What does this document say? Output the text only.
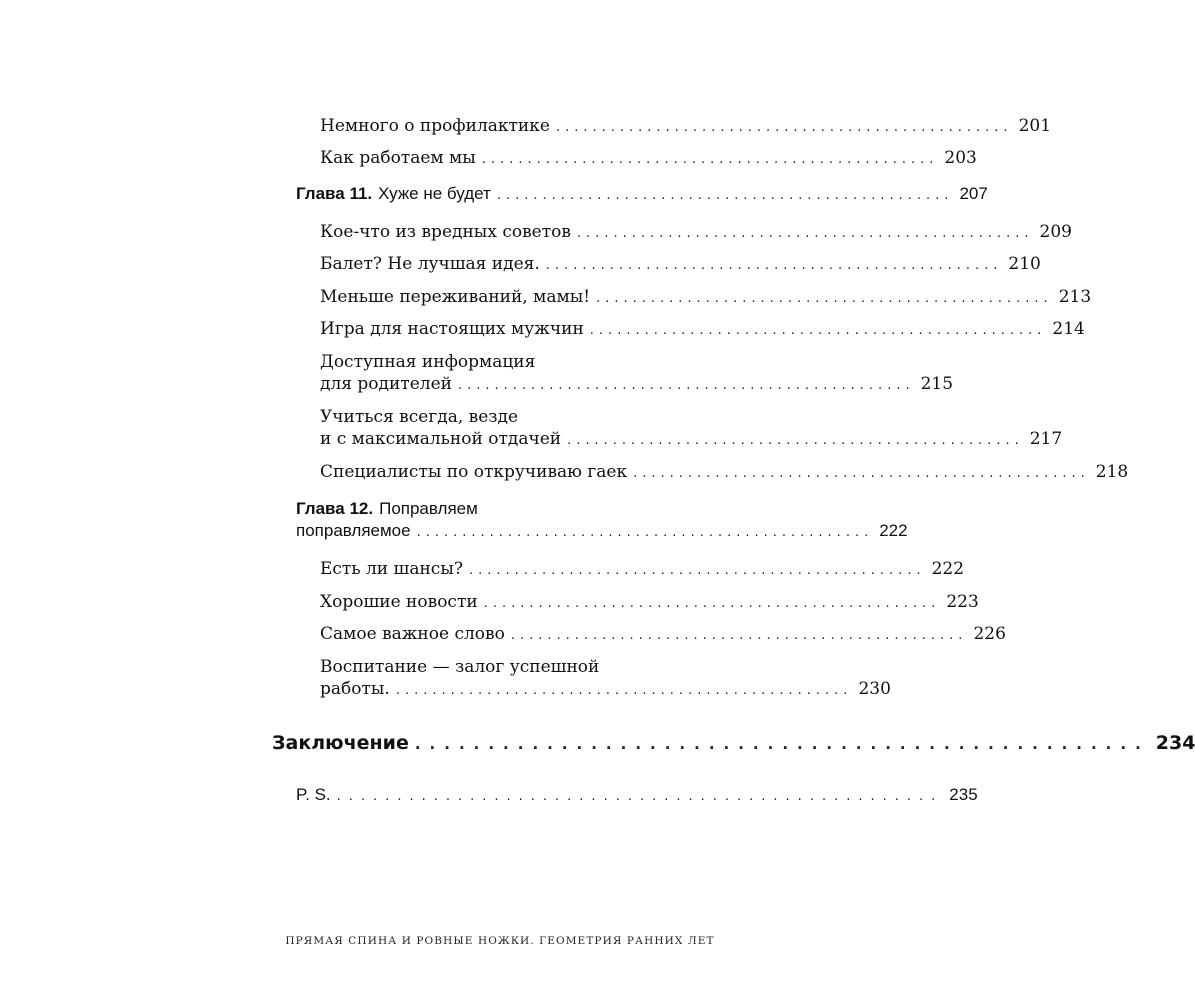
Немного о профилактике .................................................. 201
Как работаем мы .................................................. 203
Глава 11. Хуже не будет .................................................. 207
Кое-что из вредных советов .................................................. 209
Балет? Не лучшая идея. .................................................. 210
Меньше переживаний, мамы! .................................................. 213
Игра для настоящих мужчин .................................................. 214
Доступная информация
для родителей .................................................. 215
Учиться всегда, везде
и с максимальной отдачей .................................................. 217
Специалисты по откручиваю гаек .................................................. 218
Глава 12. Поправляем
поправляемое .................................................. 222
Есть ли шансы? .................................................. 222
Хорошие новости .................................................. 223
Самое важное слово .................................................. 226
Воспитание — залог успешной
работы. .................................................. 230
Заключение .................................................. 234
P. S. .................................................. 235
ПРЯМАЯ СПИНА И РОВНЫЕ НОЖКИ. ГЕОМЕТРИЯ РАННИХ ЛЕТ
